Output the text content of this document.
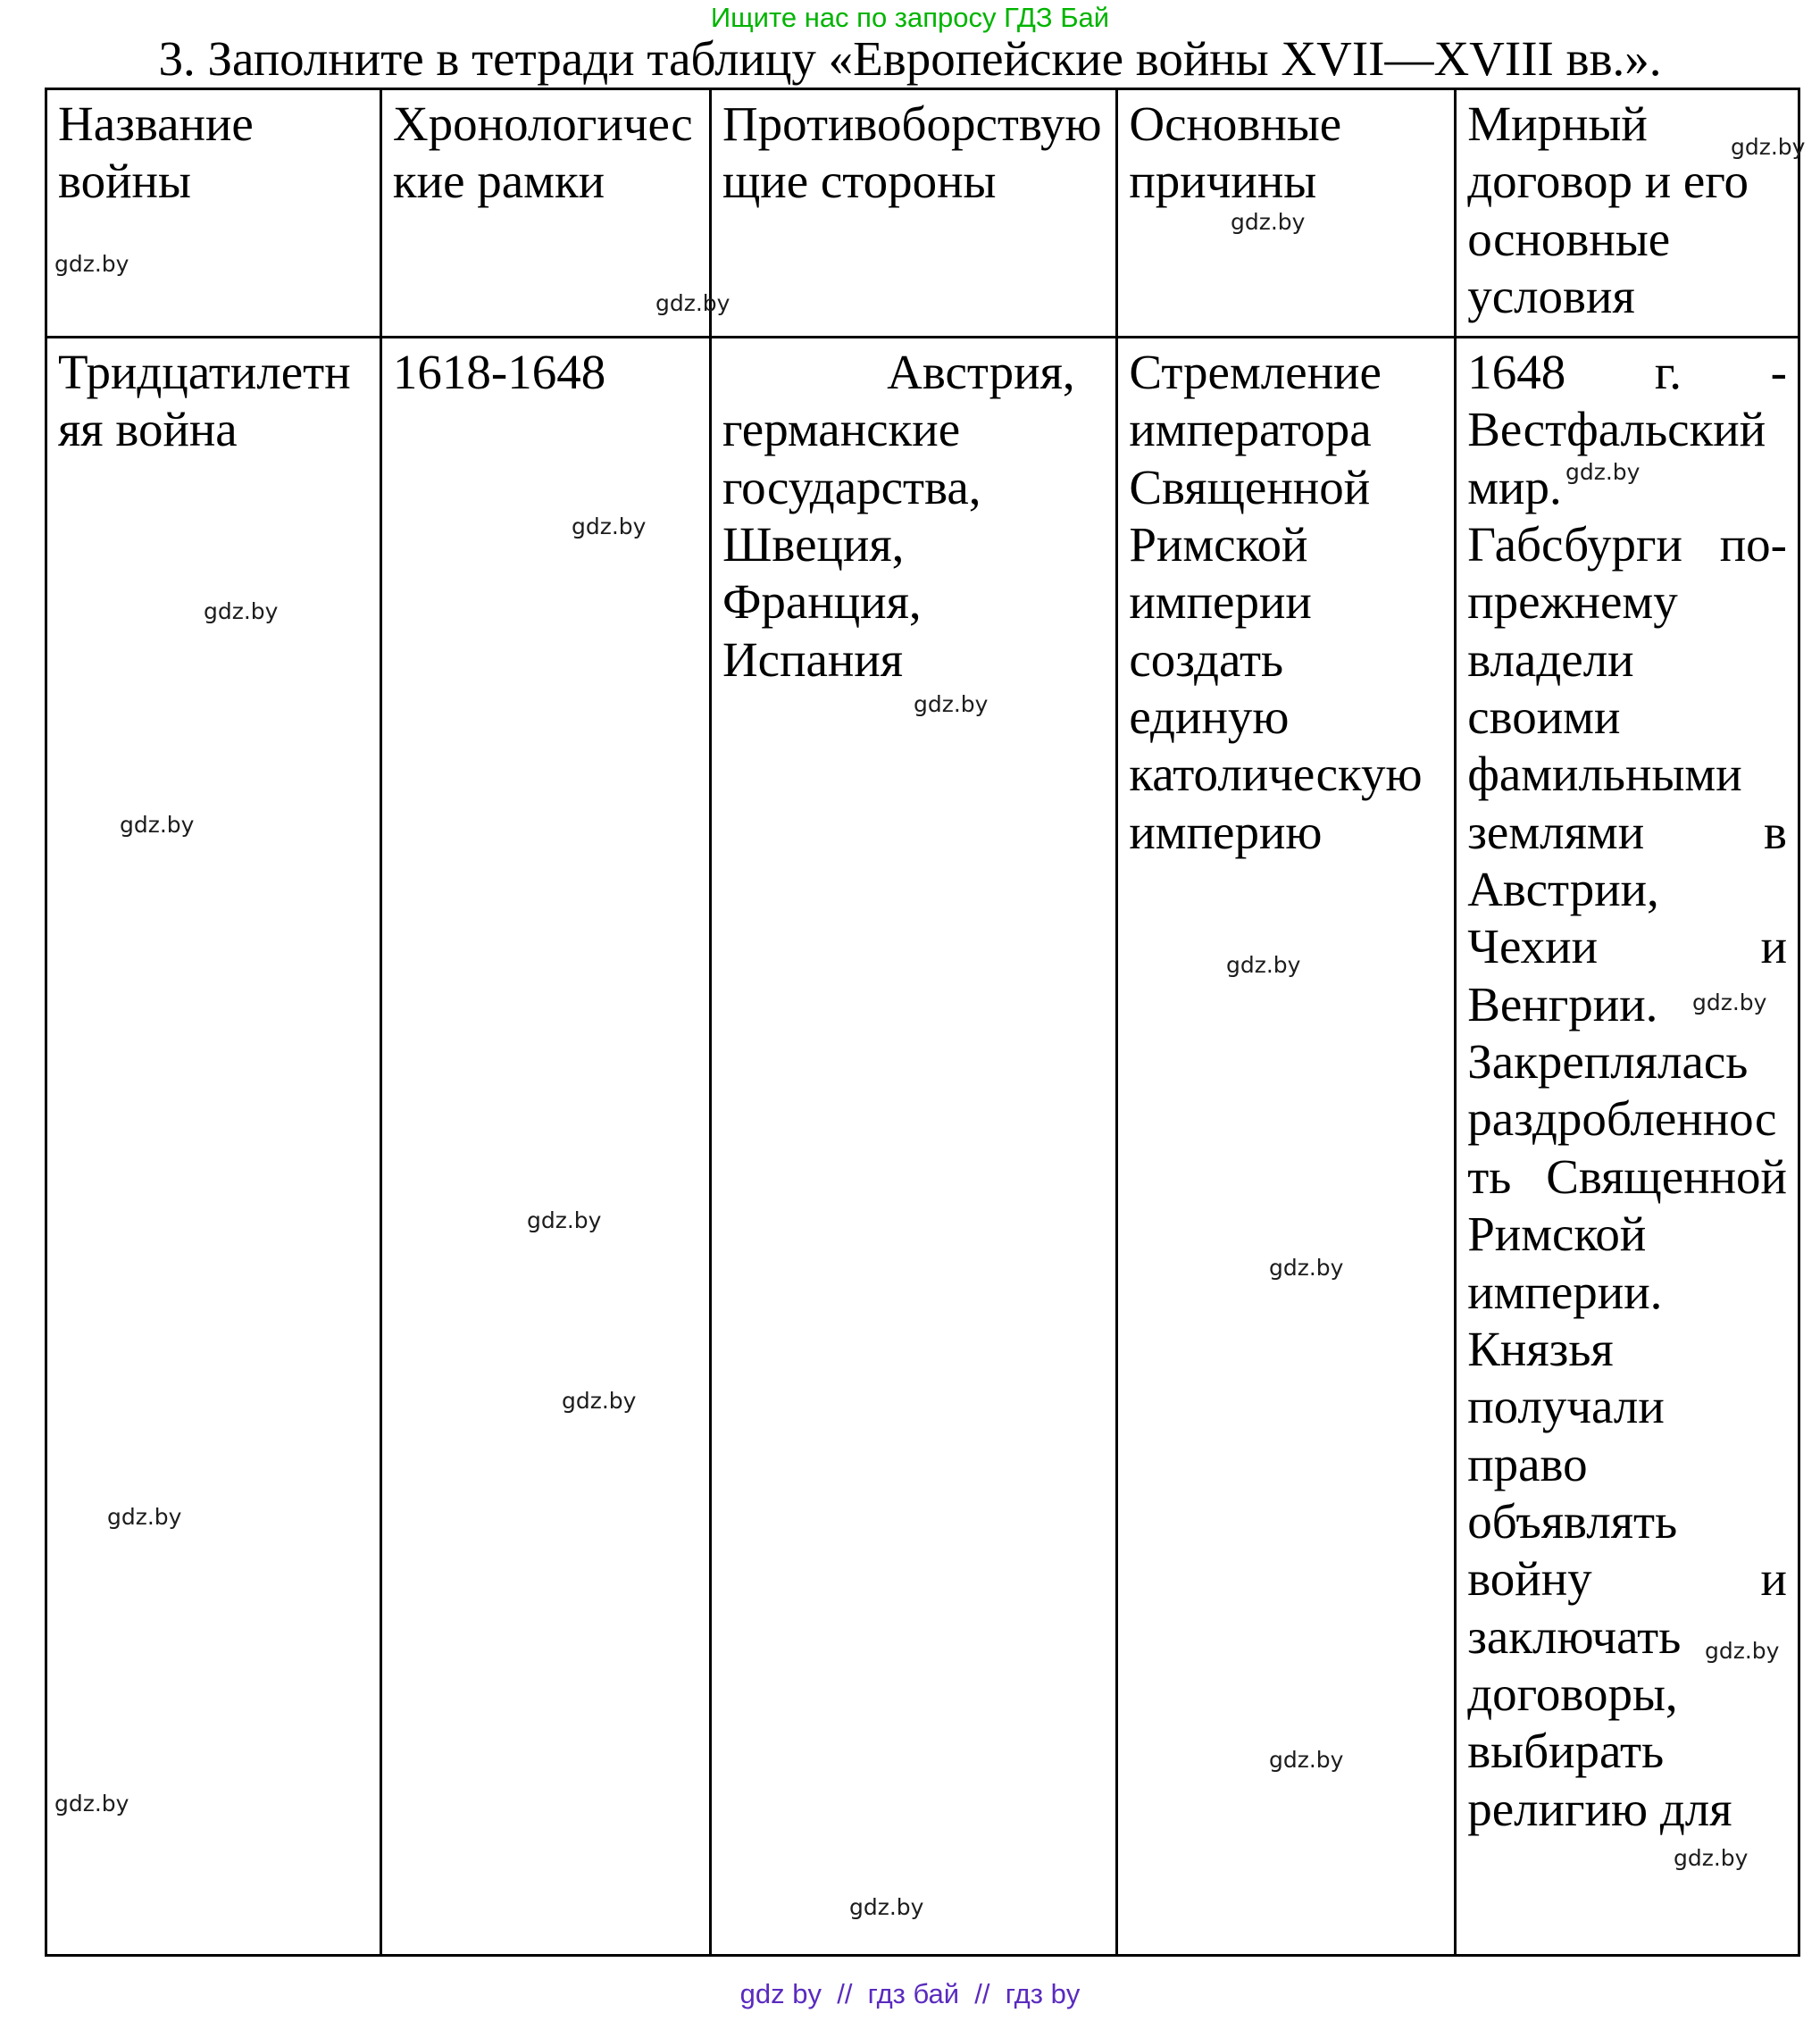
Ищите нас по запросу ГДЗ Бай
3. Заполните в тетради таблицу «Европейские войны XVII—XVIII вв.».
Название войны	Хронологические рамки	Противоборствующие стороны	Основные причины	Мирный договор и его основные условия
Тридцатилетняя война	1618-1648	Австрия, германские государства, Швеция, Франция, Испания	Стремление императора Священной Римской империи создать единую католическую империю	1648 г. - Вестфальский мир. Габсбурги по-прежнему владели своими фамильными землями в Австрии, Чехии и Венгрии. Закреплялась раздробленность Священной Римской империи. Князья получали право объявлять войну и заключать договоры, выбирать религию для
gdz.by
gdz.by
gdz.by
gdz.by
gdz.by
gdz.by
gdz.by
gdz.by
gdz.by
gdz.by
gdz.by
gdz.by
gdz.by
gdz.by
gdz.by
gdz.by
gdz.by
gdz.by
gdz.by
gdz.by
gdz by  //  гдз бай  //  гдз by
